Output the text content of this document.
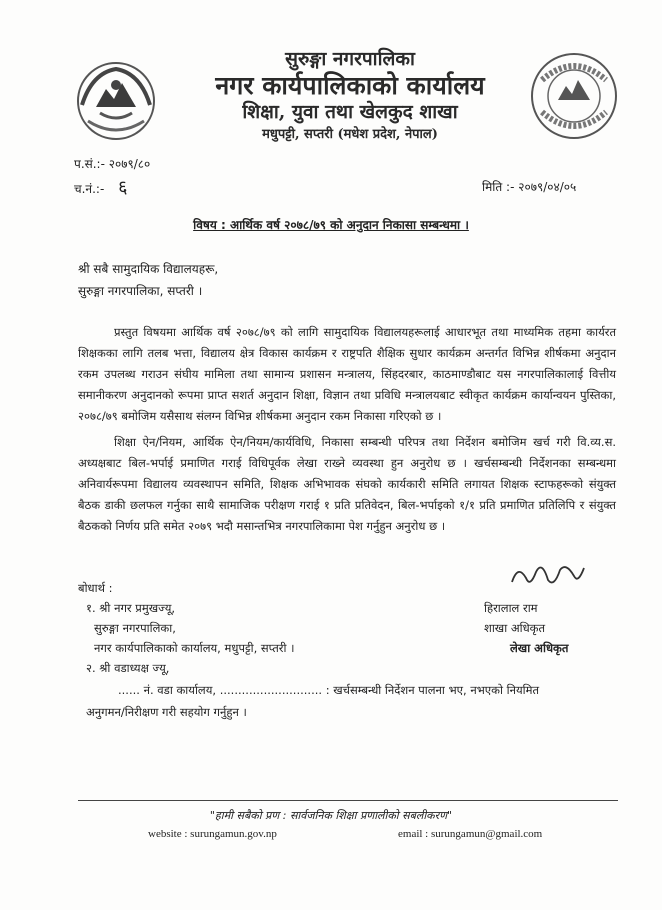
सुरुङ्गा नगरपालिका
नगर कार्यपालिकाको कार्यालय
शिक्षा, युवा तथा खेलकुद शाखा
मधुपट्टी, सप्तरी (मधेश प्रदेश, नेपाल)
प.सं.:- २०७९/८०
च.नं.:- ६	मिति :- २०७९/०४/०५
विषय : आर्थिक वर्ष २०७८/७९ को अनुदान निकासा सम्बन्धमा ।
श्री सबै सामुदायिक विद्यालयहरू,
सुरुङ्गा नगरपालिका, सप्तरी ।
प्रस्तुत विषयमा आर्थिक वर्ष २०७८/७९ को लागि सामुदायिक विद्यालयहरूलाई आधारभूत तथा माध्यमिक तहमा कार्यरत शिक्षकका लागि तलब भत्ता, विद्यालय क्षेत्र विकास कार्यक्रम र राष्ट्रपति शैक्षिक सुधार कार्यक्रम अन्तर्गत विभिन्न शीर्षकमा अनुदान रकम उपलब्ध गराउन संघीय मामिला तथा सामान्य प्रशासन मन्त्रालय, सिंहदरबार, काठमाण्डौबाट यस नगरपालिकालाई वित्तीय समानीकरण अनुदानको रूपमा प्राप्त सशर्त अनुदान शिक्षा, विज्ञान तथा प्रविधि मन्त्रालयबाट स्वीकृत कार्यक्रम कार्यान्वयन पुस्तिका, २०७८/७९ बमोजिम यसैसाथ संलग्न विभिन्न शीर्षकमा अनुदान रकम निकासा गरिएको छ ।
शिक्षा ऐन/नियम, आर्थिक ऐन/नियम/कार्यविधि, निकासा सम्बन्धी परिपत्र तथा निर्देशन बमोजिम खर्च गरी वि.व्य.स. अध्यक्षबाट बिल-भर्पाई प्रमाणित गराई विधिपूर्वक लेखा राख्ने व्यवस्था हुन अनुरोध छ । खर्चसम्बन्धी निर्देशनका सम्बन्धमा अनिवार्यरूपमा विद्यालय व्यवस्थापन समिति, शिक्षक अभिभावक संघको कार्यकारी समिति लगायत शिक्षक स्टाफहरूको संयुक्त बैठक डाकी छलफल गर्नुका साथै सामाजिक परीक्षण गराई १ प्रति प्रतिवेदन, बिल-भर्पाइको १/१ प्रति प्रमाणित प्रतिलिपि र संयुक्त बैठकको निर्णय प्रति समेत २०७९ भदौ मसान्तभित्र नगरपालिकामा पेश गर्नुहुन अनुरोध छ ।
बोधार्थ :
१. श्री नगर प्रमुखज्यू,
सुरुङ्गा नगरपालिका,
नगर कार्यपालिकाको कार्यालय, मधुपट्टी, सप्तरी ।
२. श्री वडाध्यक्ष ज्यू,
...... नं. वडा कार्यालय, ............................ : खर्चसम्बन्धी निर्देशन पालना भए, नभएको नियमित
अनुगमन/निरीक्षण गरी सहयोग गर्नुहुन ।
हिरालाल राम
शाखा अधिकृत
लेखा अधिकृत
"हामी सबैको प्रण : सार्वजनिक शिक्षा प्रणालीको सबलीकरण"
website : surungamun.gov.np	email : surungamun@gmail.com
